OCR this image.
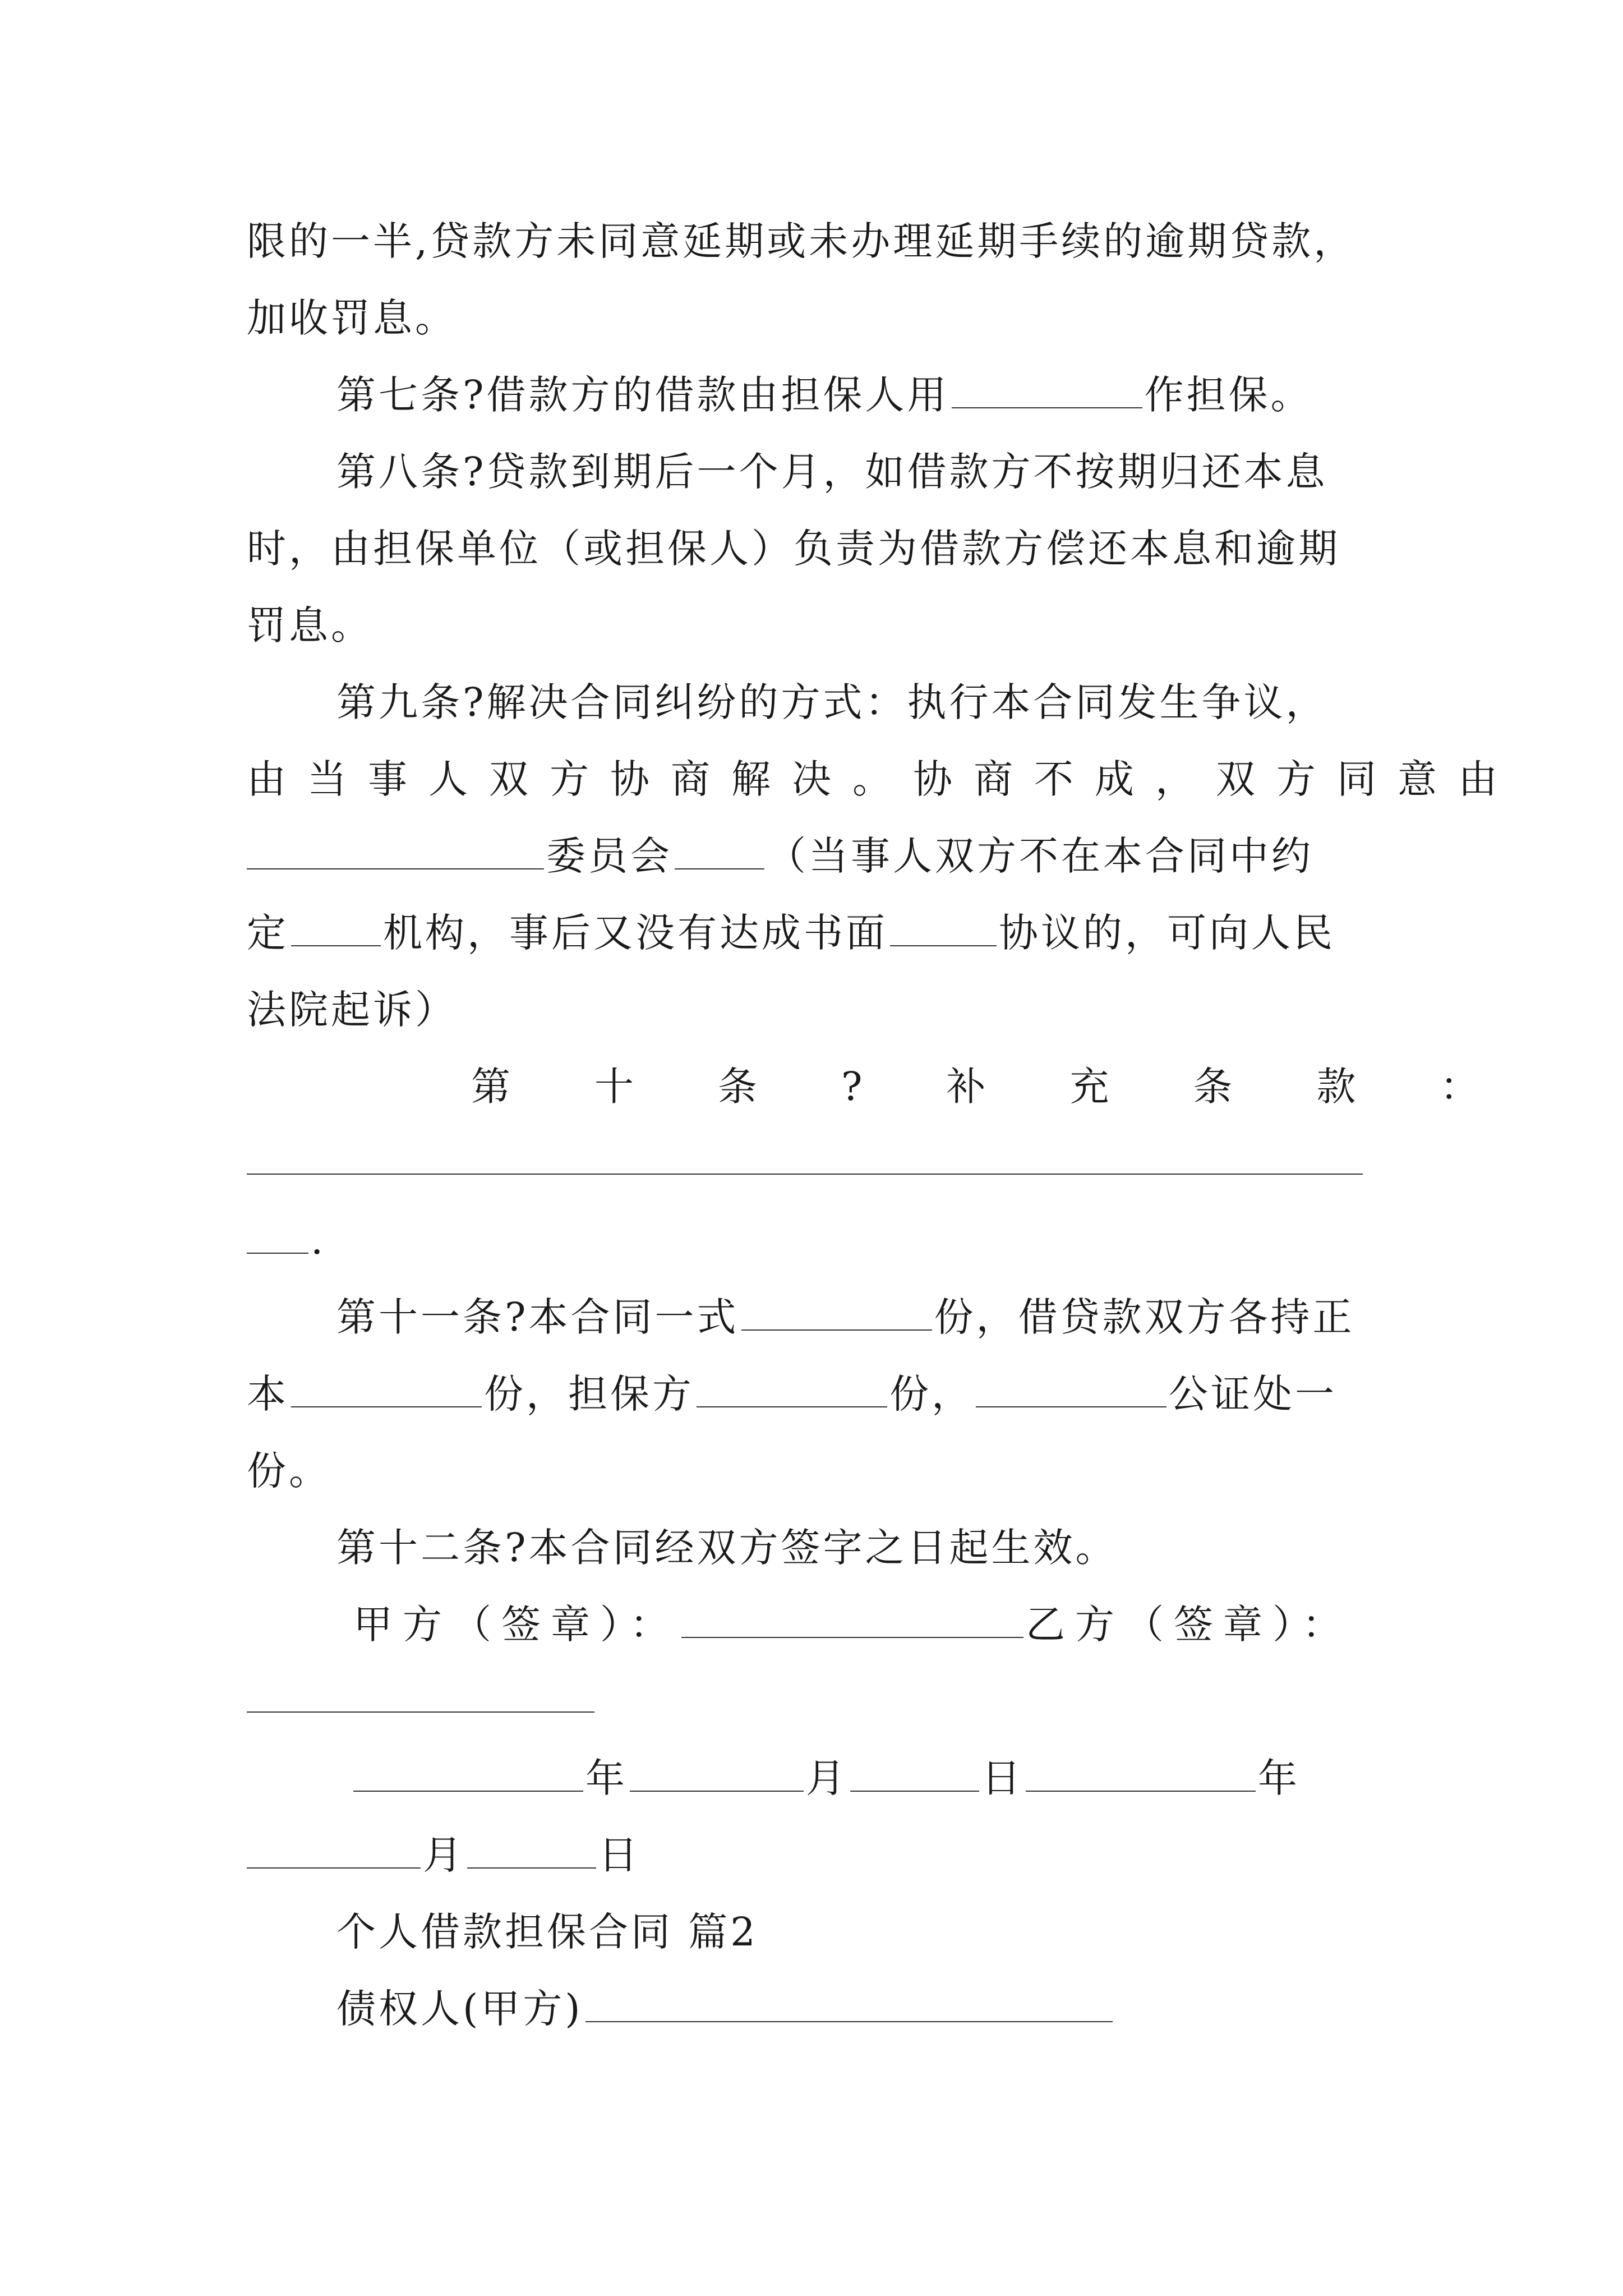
限的一半,贷款方未同意延期或未办理延期手续的逾期贷款，
加收罚息。
第七条?借款方的借款由担保人用	作担保。
第八条?贷款到期后一个月，如借款方不按期归还本息
时，由担保单位（或担保人）负责为借款方偿还本息和逾期
罚息。
第九条?解决合同纠纷的方式：执行本合同发生争议，
由当事人双方协商解决。协商不成，双方同意由
委员会 （当事人双方不在本合同中约
定 机构，事后又没有达成书面	协议的，可向人民
法院起诉）
第十条?补充条款：
.
第十一条?本合同一式	份，借贷款双方各持正
本	份，担保方	份，	公证处一
份。
第十二条?本合同经双方签字之日起生效。
甲方（签章）：	乙方（签章）：
年	月	日	年
月	日
个人借款担保合同 篇2
债权人(甲方)
